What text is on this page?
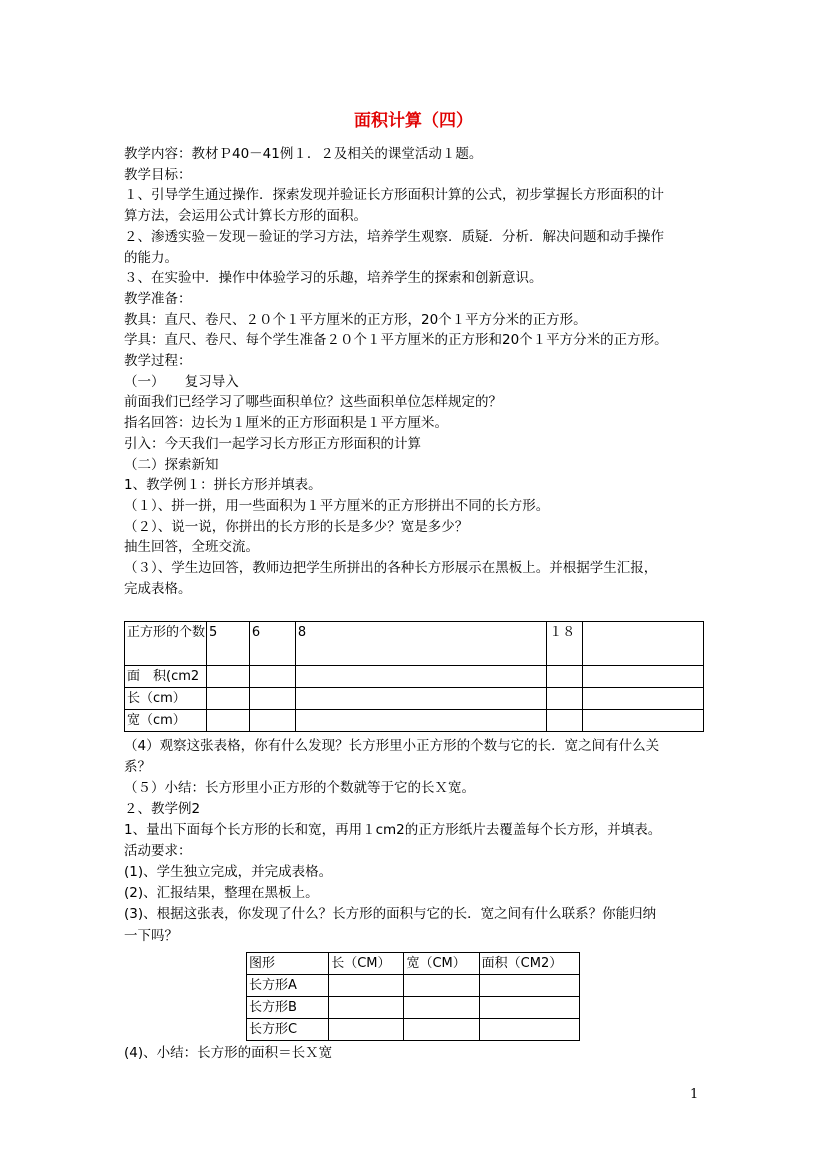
面积计算（四）
教学内容：教材Ｐ40－41例１．２及相关的课堂活动１题。
教学目标：
１、引导学生通过操作．探索发现并验证长方形面积计算的公式，初步掌握长方形面积的计
算方法，会运用公式计算长方形的面积。
２、渗透实验－发现－验证的学习方法，培养学生观察．质疑．分析．解决问题和动手操作
的能力。
３、在实验中．操作中体验学习的乐趣，培养学生的探索和创新意识。
教学准备：
教具：直尺、卷尺、２０个１平方厘米的正方形，20个１平方分米的正方形。
学具：直尺、卷尺、每个学生准备２０个１平方厘米的正方形和20个１平方分米的正方形。
教学过程：
（一）　　复习导入
前面我们已经学习了哪些面积单位？这些面积单位怎样规定的？
指名回答：边长为１厘米的正方形面积是１平方厘米。
引入：今天我们一起学习长方形正方形面积的计算
（二）探索新知
1、教学例１：拼长方形并填表。
（１）、拼一拼，用一些面积为１平方厘米的正方形拼出不同的长方形。
（２）、说一说，你拼出的长方形的长是多少？宽是多少？
抽生回答，全班交流。
（３）、学生边回答，教师边把学生所拼出的各种长方形展示在黑板上。并根据学生汇报，
完成表格。
正方形的个数	5	6	8	１８	
面　积(cm2					
长（cm）					
宽（cm）					
（4）观察这张表格，你有什么发现？长方形里小正方形的个数与它的长．宽之间有什么关
系？
（５）小结：长方形里小正方形的个数就等于它的长Ｘ宽。
２、教学例2
1、量出下面每个长方形的长和宽，再用１cm2的正方形纸片去覆盖每个长方形，并填表。
活动要求：
(1)、学生独立完成，并完成表格。
(2)、汇报结果，整理在黑板上。
(3)、根据这张表，你发现了什么？长方形的面积与它的长．宽之间有什么联系？你能归纳
一下吗？
图形	长（CM）	宽（CM）	面积（CM2）
长方形A			
长方形B			
长方形C			
(4)、小结：长方形的面积＝长Ｘ宽
1
